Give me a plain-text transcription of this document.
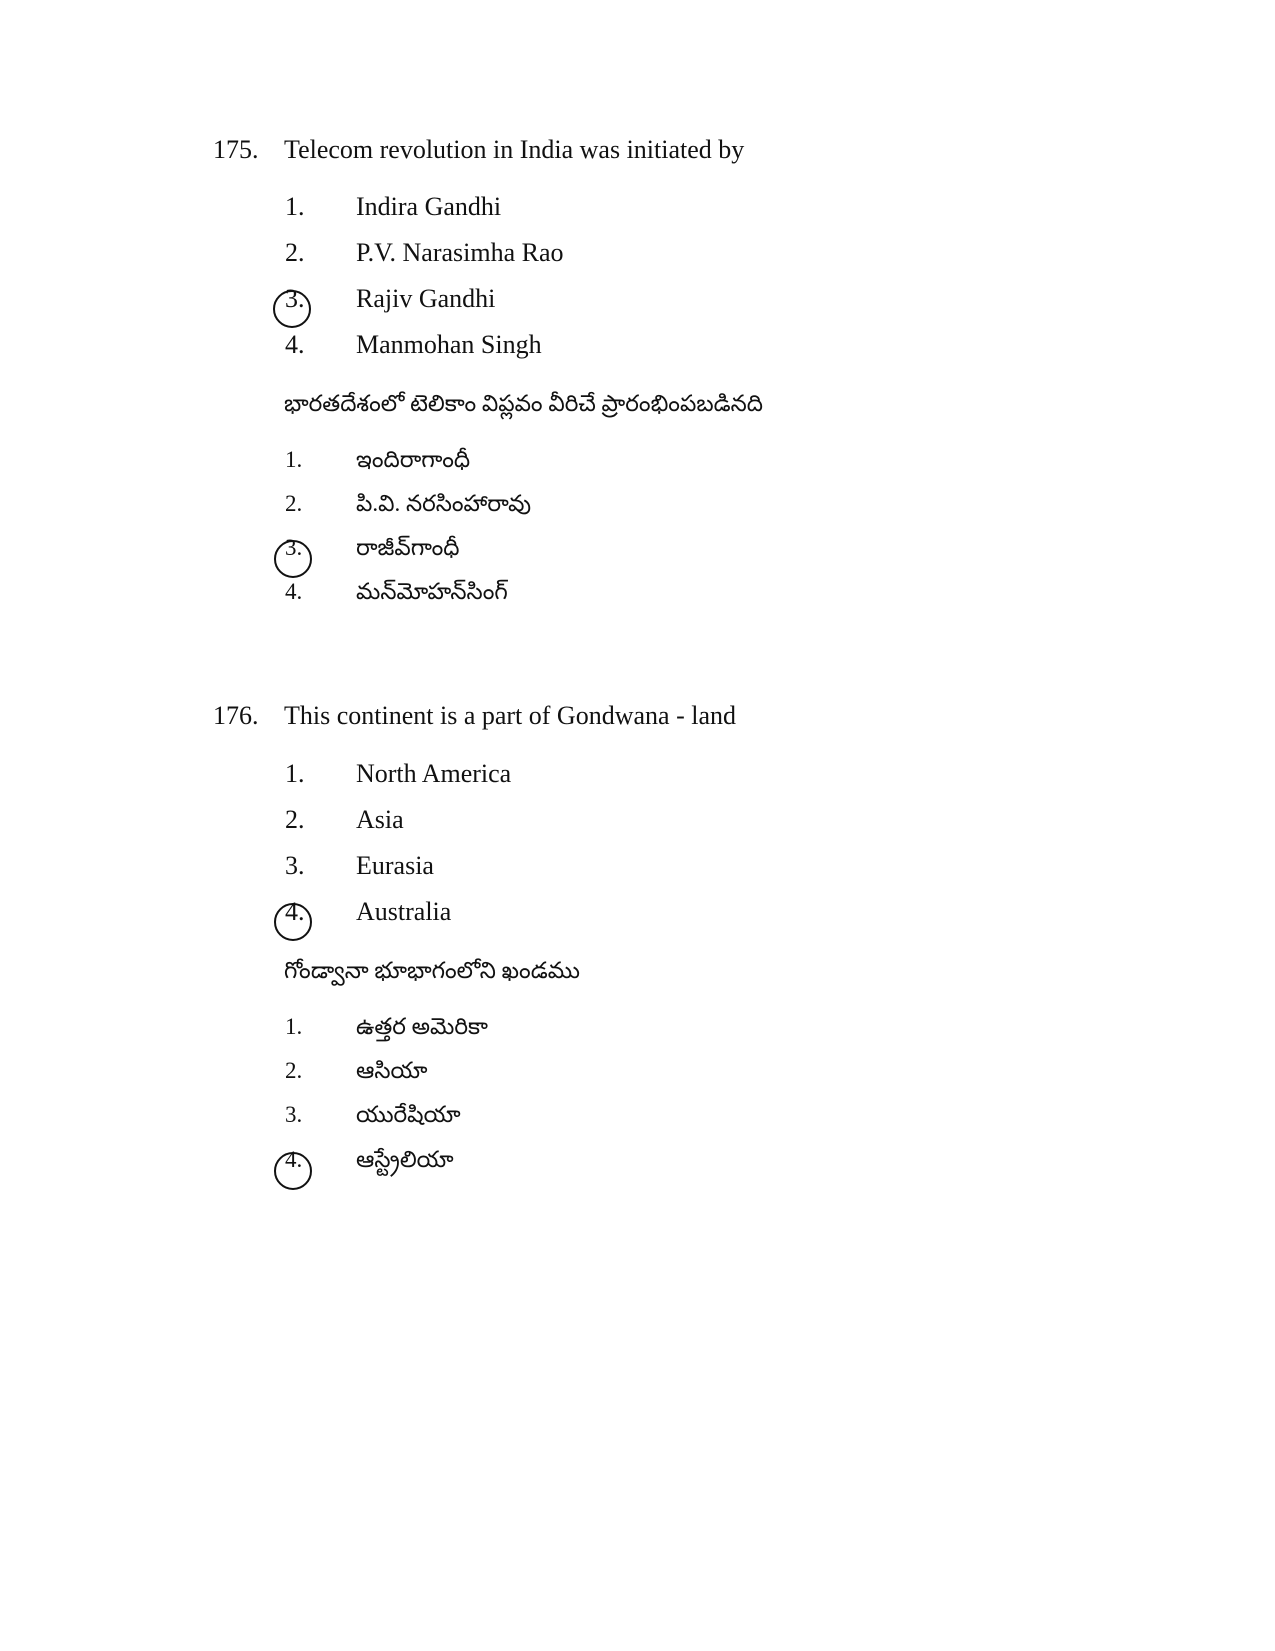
175. Telecom revolution in India was initiated by
1. Indira Gandhi
2. P.V. Narasimha Rao
3. Rajiv Gandhi
4. Manmohan Singh
భారతదేశంలో టెలికాం విప్లవం వీరిచే ప్రారంభింపబడినది
1. ఇందిరాగాంధీ
2. పి.వి. నరసింహారావు
3. రాజీవ్‌గాంధీ
4. మన్‌మోహన్‌సింగ్
176. This continent is a part of Gondwana - land
1. North America
2. Asia
3. Eurasia
4. Australia
గోండ్వానా భూభాగంలోని ఖండము
1. ఉత్తర అమెరికా
2. ఆసియా
3. యురేషియా
4. ఆస్ట్రేలియా
